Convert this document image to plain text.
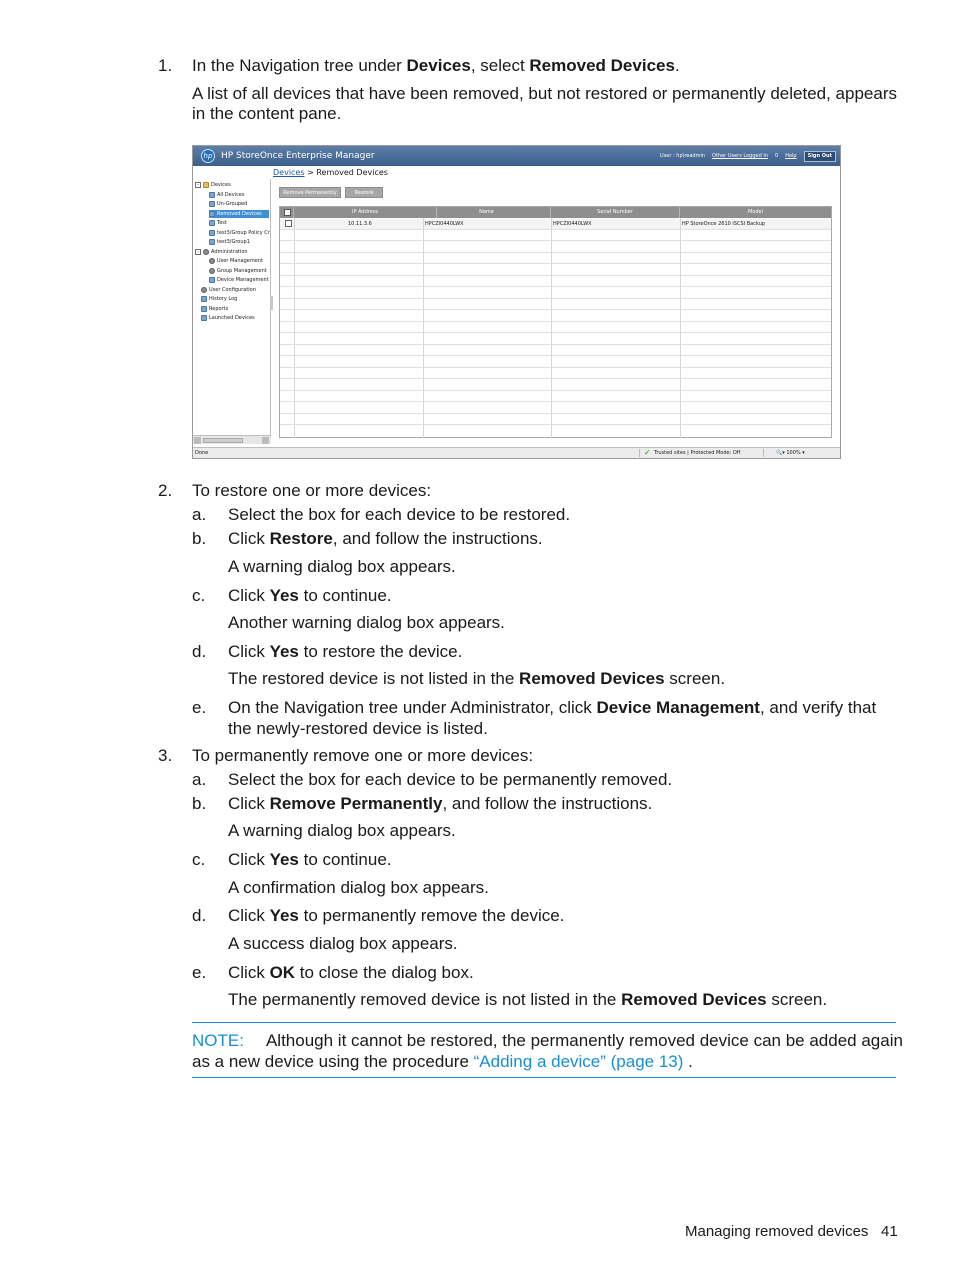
1. In the Navigation tree under Devices, select Removed Devices.
A list of all devices that have been removed, but not restored or permanently deleted, appears
in the content pane.
hp HP StoreOnce Enterprise Manager	User : hp\readmin Other Users Logged In 0 Help	Sign Out
Devices > Removed Devices
-	Devices
All Devices
Un-Grouped
Removed Devices
Test
test3/Group Policy Cr
test3/Group1
-	Administration
User Management
Group Management
Device Management
User Configuration
History Log
Reports
Launched Devices
Remove Permanently	Restore
IP Address	Name	Serial Number	Model
10.11.3.6	HPCZI0440LWX	HPCZI0440LWX	HP StoreOnce 2610 iSCSI Backup
Done	✓ Trusted sites | Protected Mode: Off	🔍▾ 100% ▾
2. To restore one or more devices:
a. Select the box for each device to be restored.
b. Click Restore, and follow the instructions.
A warning dialog box appears.
c. Click Yes to continue.
Another warning dialog box appears.
d. Click Yes to restore the device.
The restored device is not listed in the Removed Devices screen.
e. On the Navigation tree under Administrator, click Device Management, and verify that
the newly-restored device is listed.
3. To permanently remove one or more devices:
a. Select the box for each device to be permanently removed.
b. Click Remove Permanently, and follow the instructions.
A warning dialog box appears.
c. Click Yes to continue.
A confirmation dialog box appears.
d. Click Yes to permanently remove the device.
A success dialog box appears.
e. Click OK to close the dialog box.
The permanently removed device is not listed in the Removed Devices screen.
NOTE: Although it cannot be restored, the permanently removed device can be added again
as a new device using the procedure “Adding a device” (page 13) .
Managing removed devices 41
